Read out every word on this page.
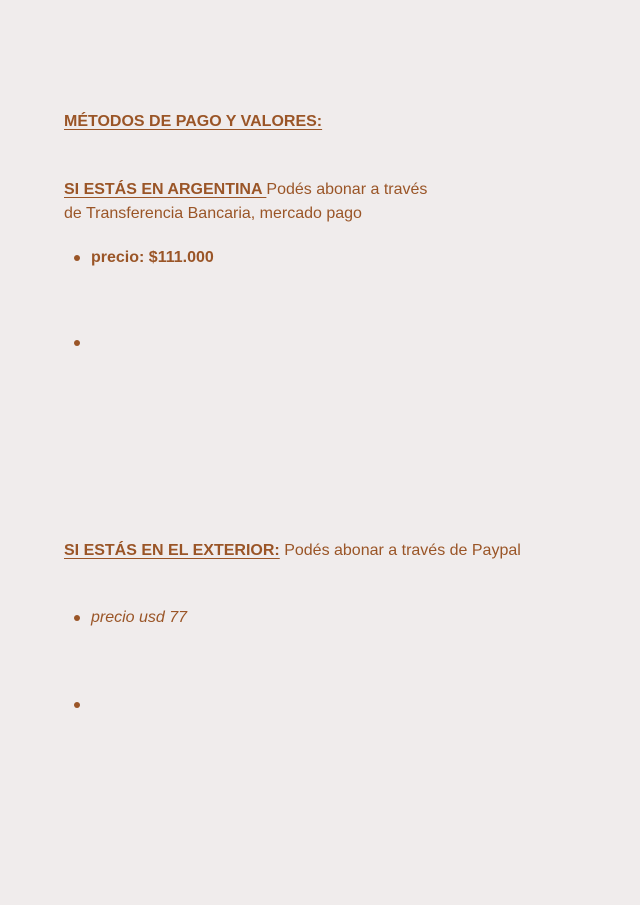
MÉTODOS DE PAGO Y VALORES:
SI ESTÁS EN ARGENTINA Podés abonar a través
de Transferencia Bancaria, mercado pago
precio: $111.000
SI ESTÁS EN EL EXTERIOR: Podés abonar a través de Paypal
precio usd 77
